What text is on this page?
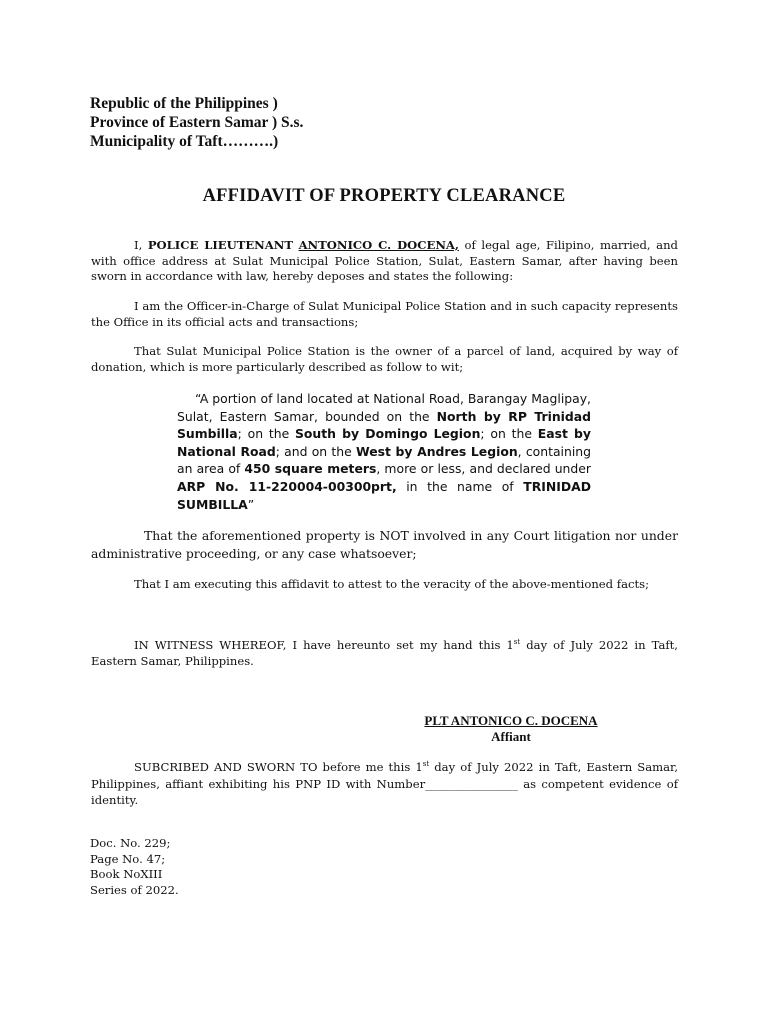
Republic of the Philippines )
Province of Eastern Samar ) S.s.
Municipality of Taft……….)
AFFIDAVIT OF PROPERTY CLEARANCE
I, POLICE LIEUTENANT ANTONICO C. DOCENA, of legal age, Filipino, married, and with office address at Sulat Municipal Police Station, Sulat, Eastern Samar, after having been sworn in accordance with law, hereby deposes and states the following:
I am the Officer-in-Charge of Sulat Municipal Police Station and in such capacity represents the Office in its official acts and transactions;
That Sulat Municipal Police Station is the owner of a parcel of land, acquired by way of donation, which is more particularly described as follow to wit;
“A portion of land located at National Road, Barangay Maglipay, Sulat, Eastern Samar, bounded on the North by RP Trinidad Sumbilla; on the South by Domingo Legion; on the East by National Road; and on the West by Andres Legion, containing an area of 450 square meters, more or less, and declared under ARP No. 11-220004-00300prt, in the name of TRINIDAD SUMBILLA”
That the aforementioned property is NOT involved in any Court litigation nor under administrative proceeding, or any case whatsoever;
That I am executing this affidavit to attest to the veracity of the above-mentioned facts;
IN WITNESS WHEREOF, I have hereunto set my hand this 1st day of July 2022 in Taft, Eastern Samar, Philippines.
PLT ANTONICO C. DOCENA
Affiant
SUBCRIBED AND SWORN TO before me this 1st day of July 2022 in Taft, Eastern Samar, Philippines, affiant exhibiting his PNP ID with Number________________ as competent evidence of identity.
Doc. No. 229;
Page No. 47;
Book NoXIII
Series of 2022.
